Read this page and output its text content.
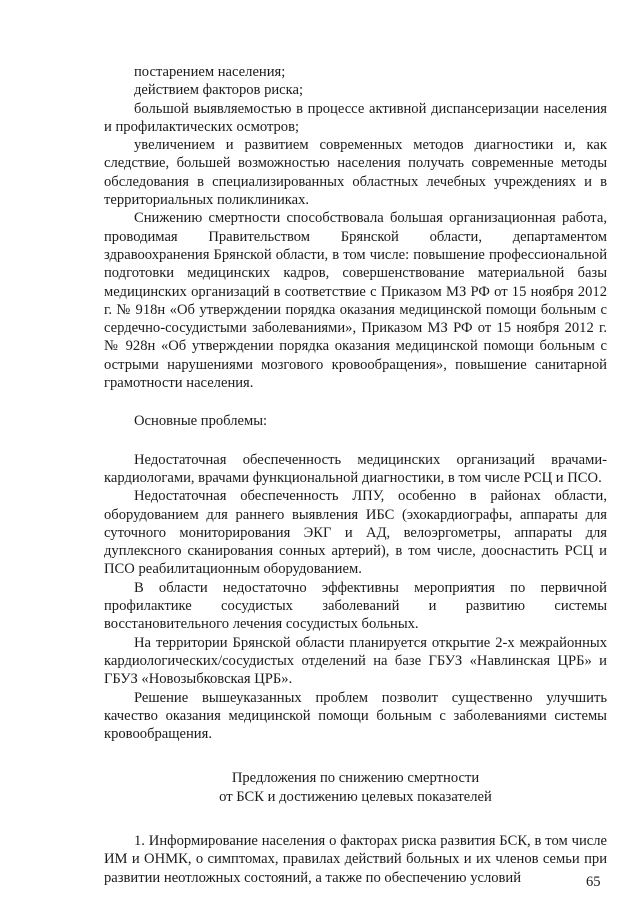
постарением населения;

действием факторов риска;

большой выявляемостью в процессе активной диспансеризации населения и профилактических осмотров;

увеличением и развитием современных методов диагностики и, как следствие, большей возможностью населения получать современные методы обследования в специализированных областных лечебных учреждениях и в территориальных поликлиниках.

Снижению смертности способствовала большая организационная работа, проводимая Правительством Брянской области, департаментом здравоохранения Брянской области, в том числе: повышение профессиональной подготовки медицинских кадров, совершенствование материальной базы медицинских организаций в соответствие с Приказом МЗ РФ от 15 ноября 2012 г. № 918н «Об утверждении порядка оказания медицинской помощи больным с сердечно-сосудистыми заболеваниями», Приказом МЗ РФ от 15 ноября 2012 г. № 928н «Об утверждении порядка оказания медицинской помощи больным с острыми нарушениями мозгового кровообращения», повышение санитарной грамотности населения.

Основные проблемы:

Недостаточная обеспеченность медицинских организаций врачами-кардиологами, врачами функциональной диагностики, в том числе РСЦ и ПСО.

Недостаточная обеспеченность ЛПУ, особенно в районах области, оборудованием для раннего выявления ИБС (эхокардиографы, аппараты для суточного мониторирования ЭКГ и АД, велоэргометры, аппараты для дуплексного сканирования сонных артерий), в том числе, дооснастить РСЦ и ПСО реабилитационным оборудованием.

В области недостаточно эффективны мероприятия по первичной профилактике сосудистых заболеваний и развитию системы восстановительного лечения сосудистых больных.

На территории Брянской области планируется открытие 2-х межрайонных кардиологических/сосудистых отделений на базе ГБУЗ «Навлинская ЦРБ» и ГБУЗ «Новозыбковская ЦРБ».

Решение вышеуказанных проблем позволит существенно улучшить качество оказания медицинской помощи больным с заболеваниями системы кровообращения.

Предложения по снижению смертности

от БСК и достижению целевых показателей

1. Информирование населения о факторах риска развития БСК, в том числе ИМ и ОНМК, о симптомах, правилах действий больных и их членов семьи при развитии неотложных состояний, а также по обеспечению условий	65
